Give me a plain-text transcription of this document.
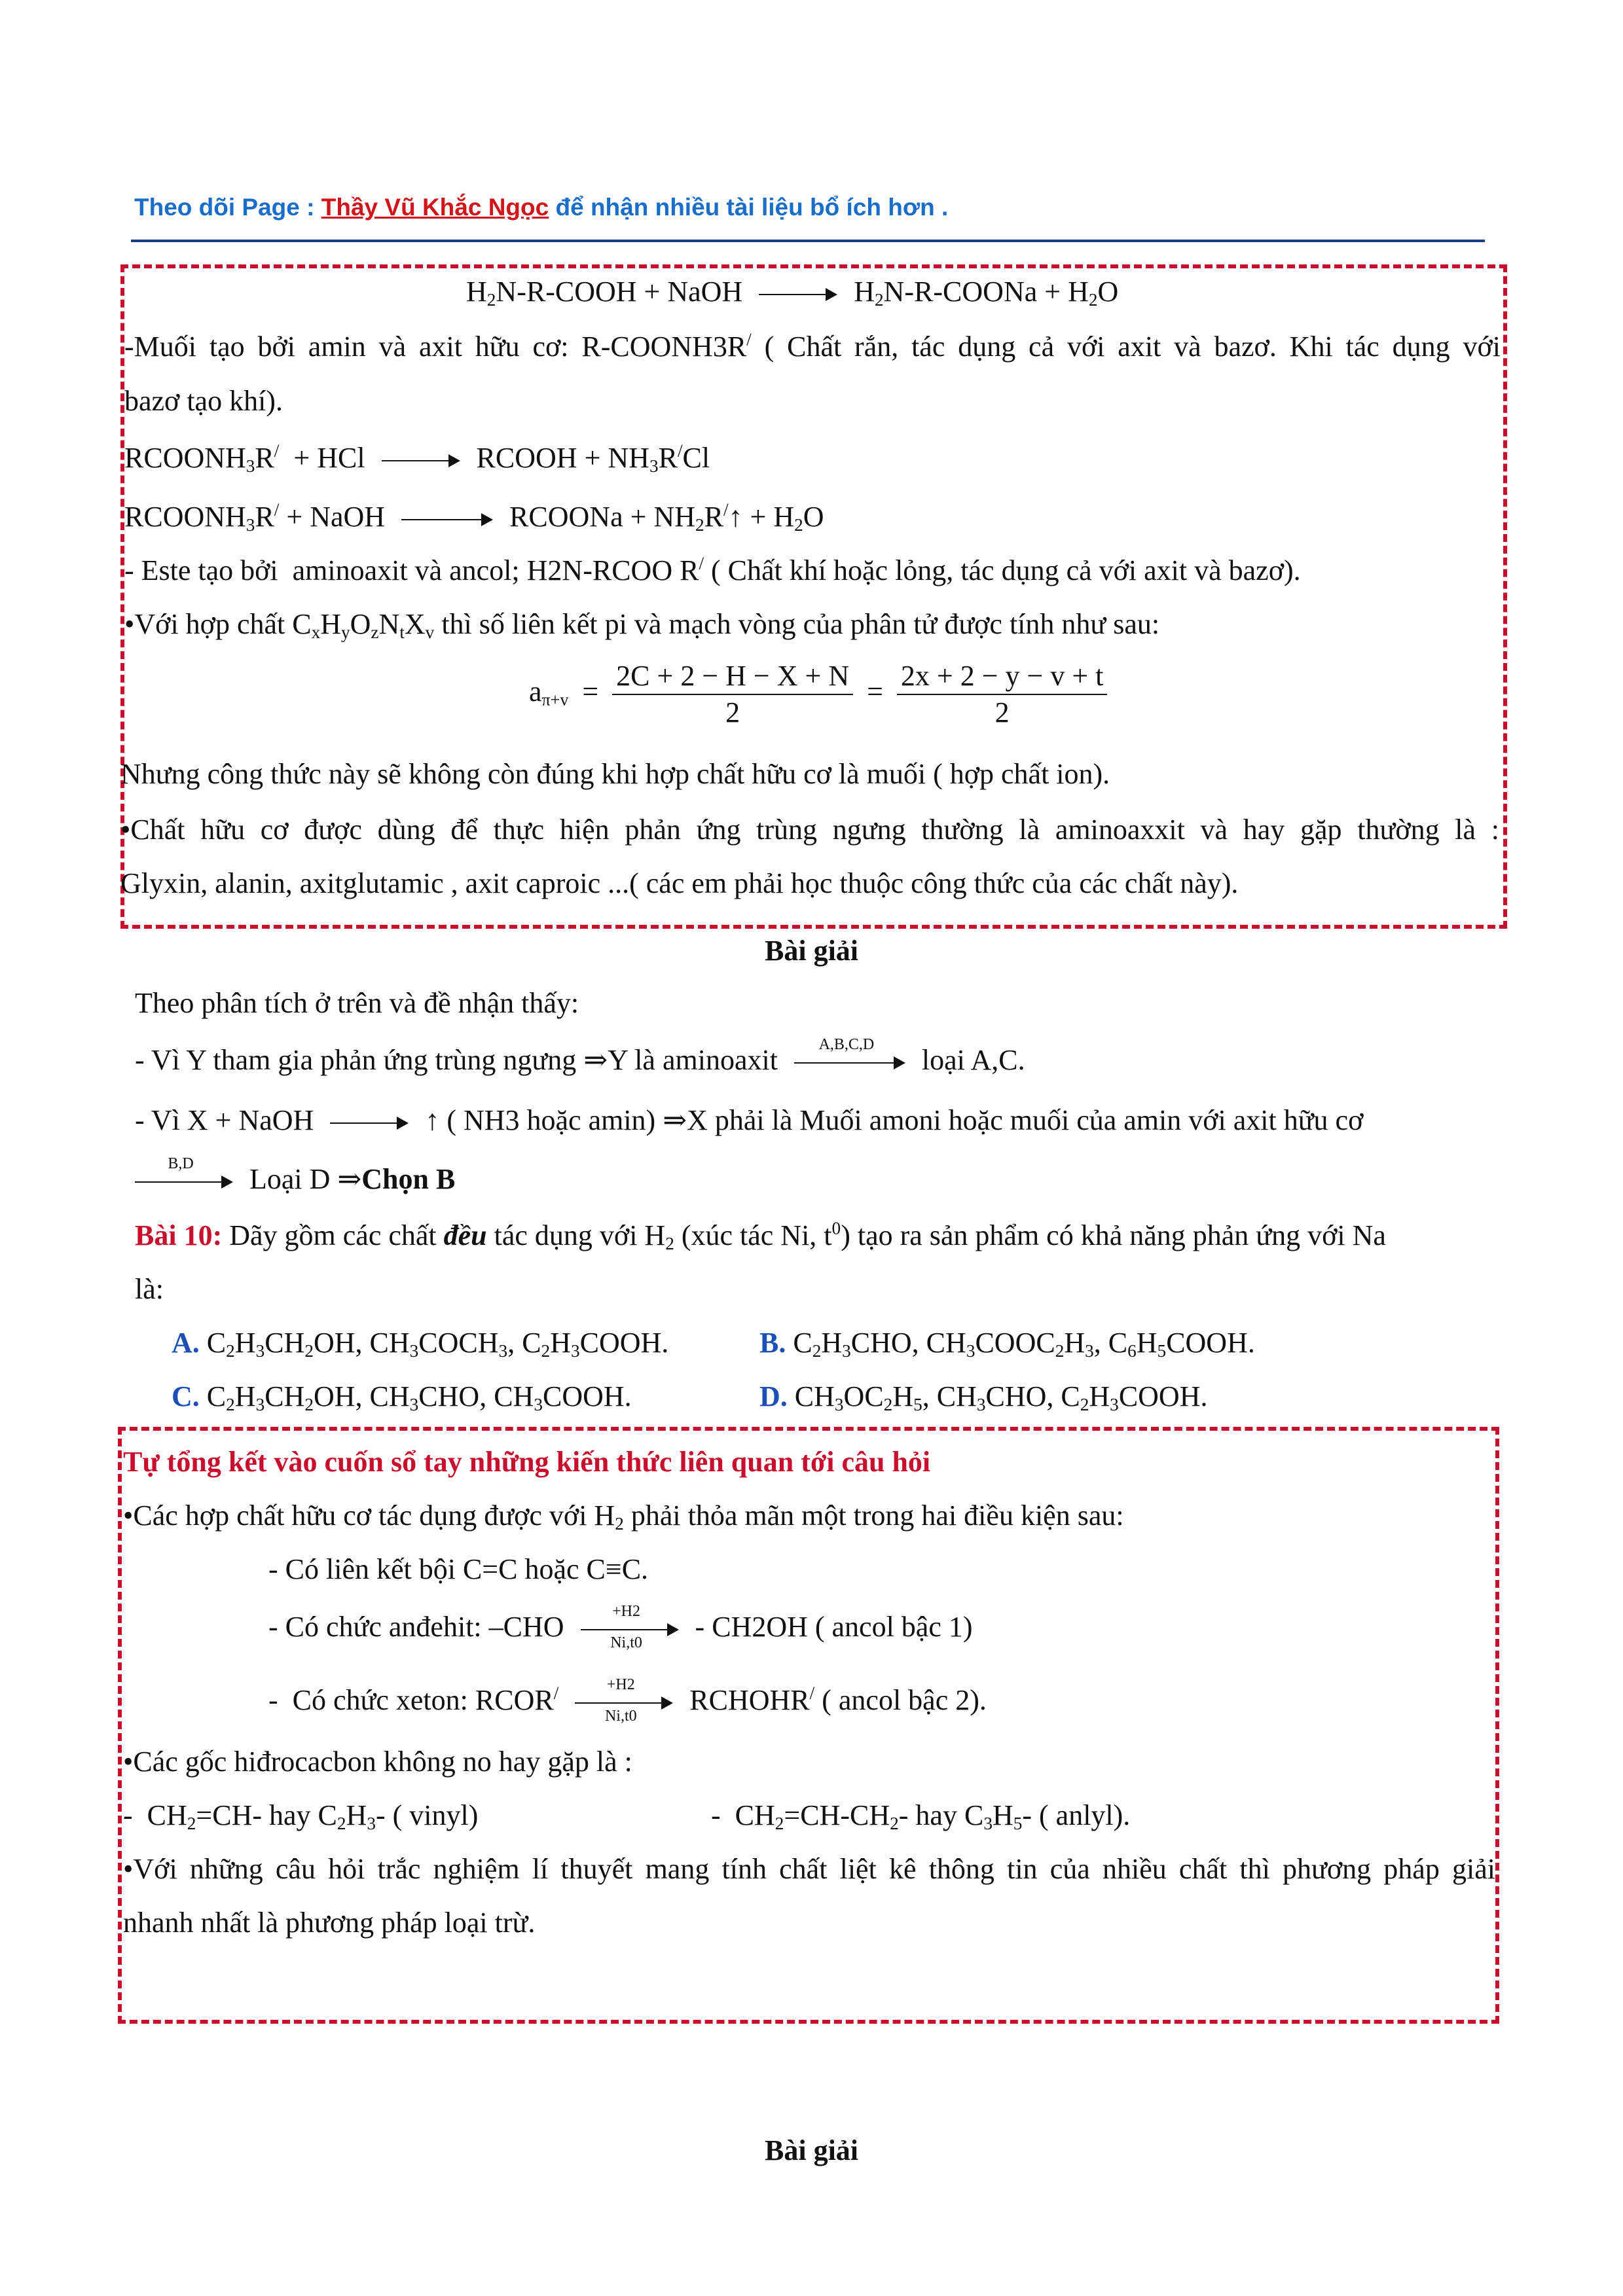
Theo dõi Page : Thầy Vũ Khắc Ngọc để nhận nhiều tài liệu bổ ích hơn .
$H_2N-R$-COOH + NaOH	$H_2N-R$-COONa + $H_2O$
-Muối tạo bởi amin và axit hữu cơ: R-COONH3R/ ( Chất rắn, tác dụng cả với axit và bazơ. Khi tác dụng với
bazơ tạo khí).
$RCOONH_3R^/$  + HCl	RCOOH + $NH_3R^/Cl$
$RCOONH_3R^/$ + NaOH	RCOONa + $NH_2R^/↑ + H_2O$
- Este tạo bởi  aminoaxit và ancol; H2N-RCOO R/ ( Chất khí hoặc lỏng, tác dụng cả với axit và bazơ).
•Với hợp chất $C_xH_yO_zN_tX_v$ thì số liên kết pi và mạch vòng của phân tử được tính như sau:
$a_{\pi+v} = \frac{2C + 2 - H - X + N}{2} = \frac{2x + 2 - y - v + t}{2}$
Nhưng công thức này sẽ không còn đúng khi hợp chất hữu cơ là muối ( hợp chất ion).
•Chất hữu cơ được dùng để thực hiện phản ứng trùng ngưng thường là aminoaxxit và hay gặp thường là :
Glyxin, alanin, axitglutamic , axit caproic ...( các em phải học thuộc công thức của các chất này).
Bài giải
Theo phân tích ở trên và đề nhận thấy:
- Vì Y tham gia phản ứng trùng ngưng ⇒Y là aminoaxit	A,B,C,D	loại A,C.
- Vì X + NaOH	↑ ( NH3 hoặc amin) ⇒X phải là Muối amoni hoặc muối của amin với axit hữu cơ
B,D	Loại D ⇒Chọn B
Bài 10: Dãy gồm các chất đều tác dụng với $H_2$ (xúc tác Ni, $t^0$) tạo ra sản phẩm có khả năng phản ứng với Na
là:
A. $C_2H_3CH_2OH$, $CH_3COCH_3$, $C_2H_3COOH$.	B. $C_2H_3CHO$, $CH_3COOC_2H_3$, $C_6H_5COOH$.
C. $C_2H_3CH_2OH$, $CH_3CHO$, $CH_3COOH$.	D. $CH_3OC_2H_5$, $CH_3CHO$, $C_2H_3COOH$.
Tự tổng kết vào cuốn sổ tay những kiến thức liên quan tới câu hỏi
•Các hợp chất hữu cơ tác dụng được với $H_2$ phải thỏa mãn một trong hai điều kiện sau:
- Có liên kết bội C=C hoặc C≡C.
- Có chức anđehit: $-CHO \frac{+H2}{Ni,t0} - CH2OH$ ( ancol bậc 1)
-  Có chức xeton: RCOR/
$\frac{+H2}{Ni,t0}$ RCHOHR/ ( ancol bậc 2).
•Các gốc hiđrocacbon không no hay gặp là :
-  $CH_2=CH-$ hay $C_2H_3-$ ( vinyl)	-  $CH_2=CH-CH_2-$ hay $C_3H_5-$ ( anlyl).
•Với những câu hỏi trắc nghiệm lí thuyết mang tính chất liệt kê thông tin của nhiều chất thì phương pháp giải
nhanh nhất là phương pháp loại trừ.
Bài giải
